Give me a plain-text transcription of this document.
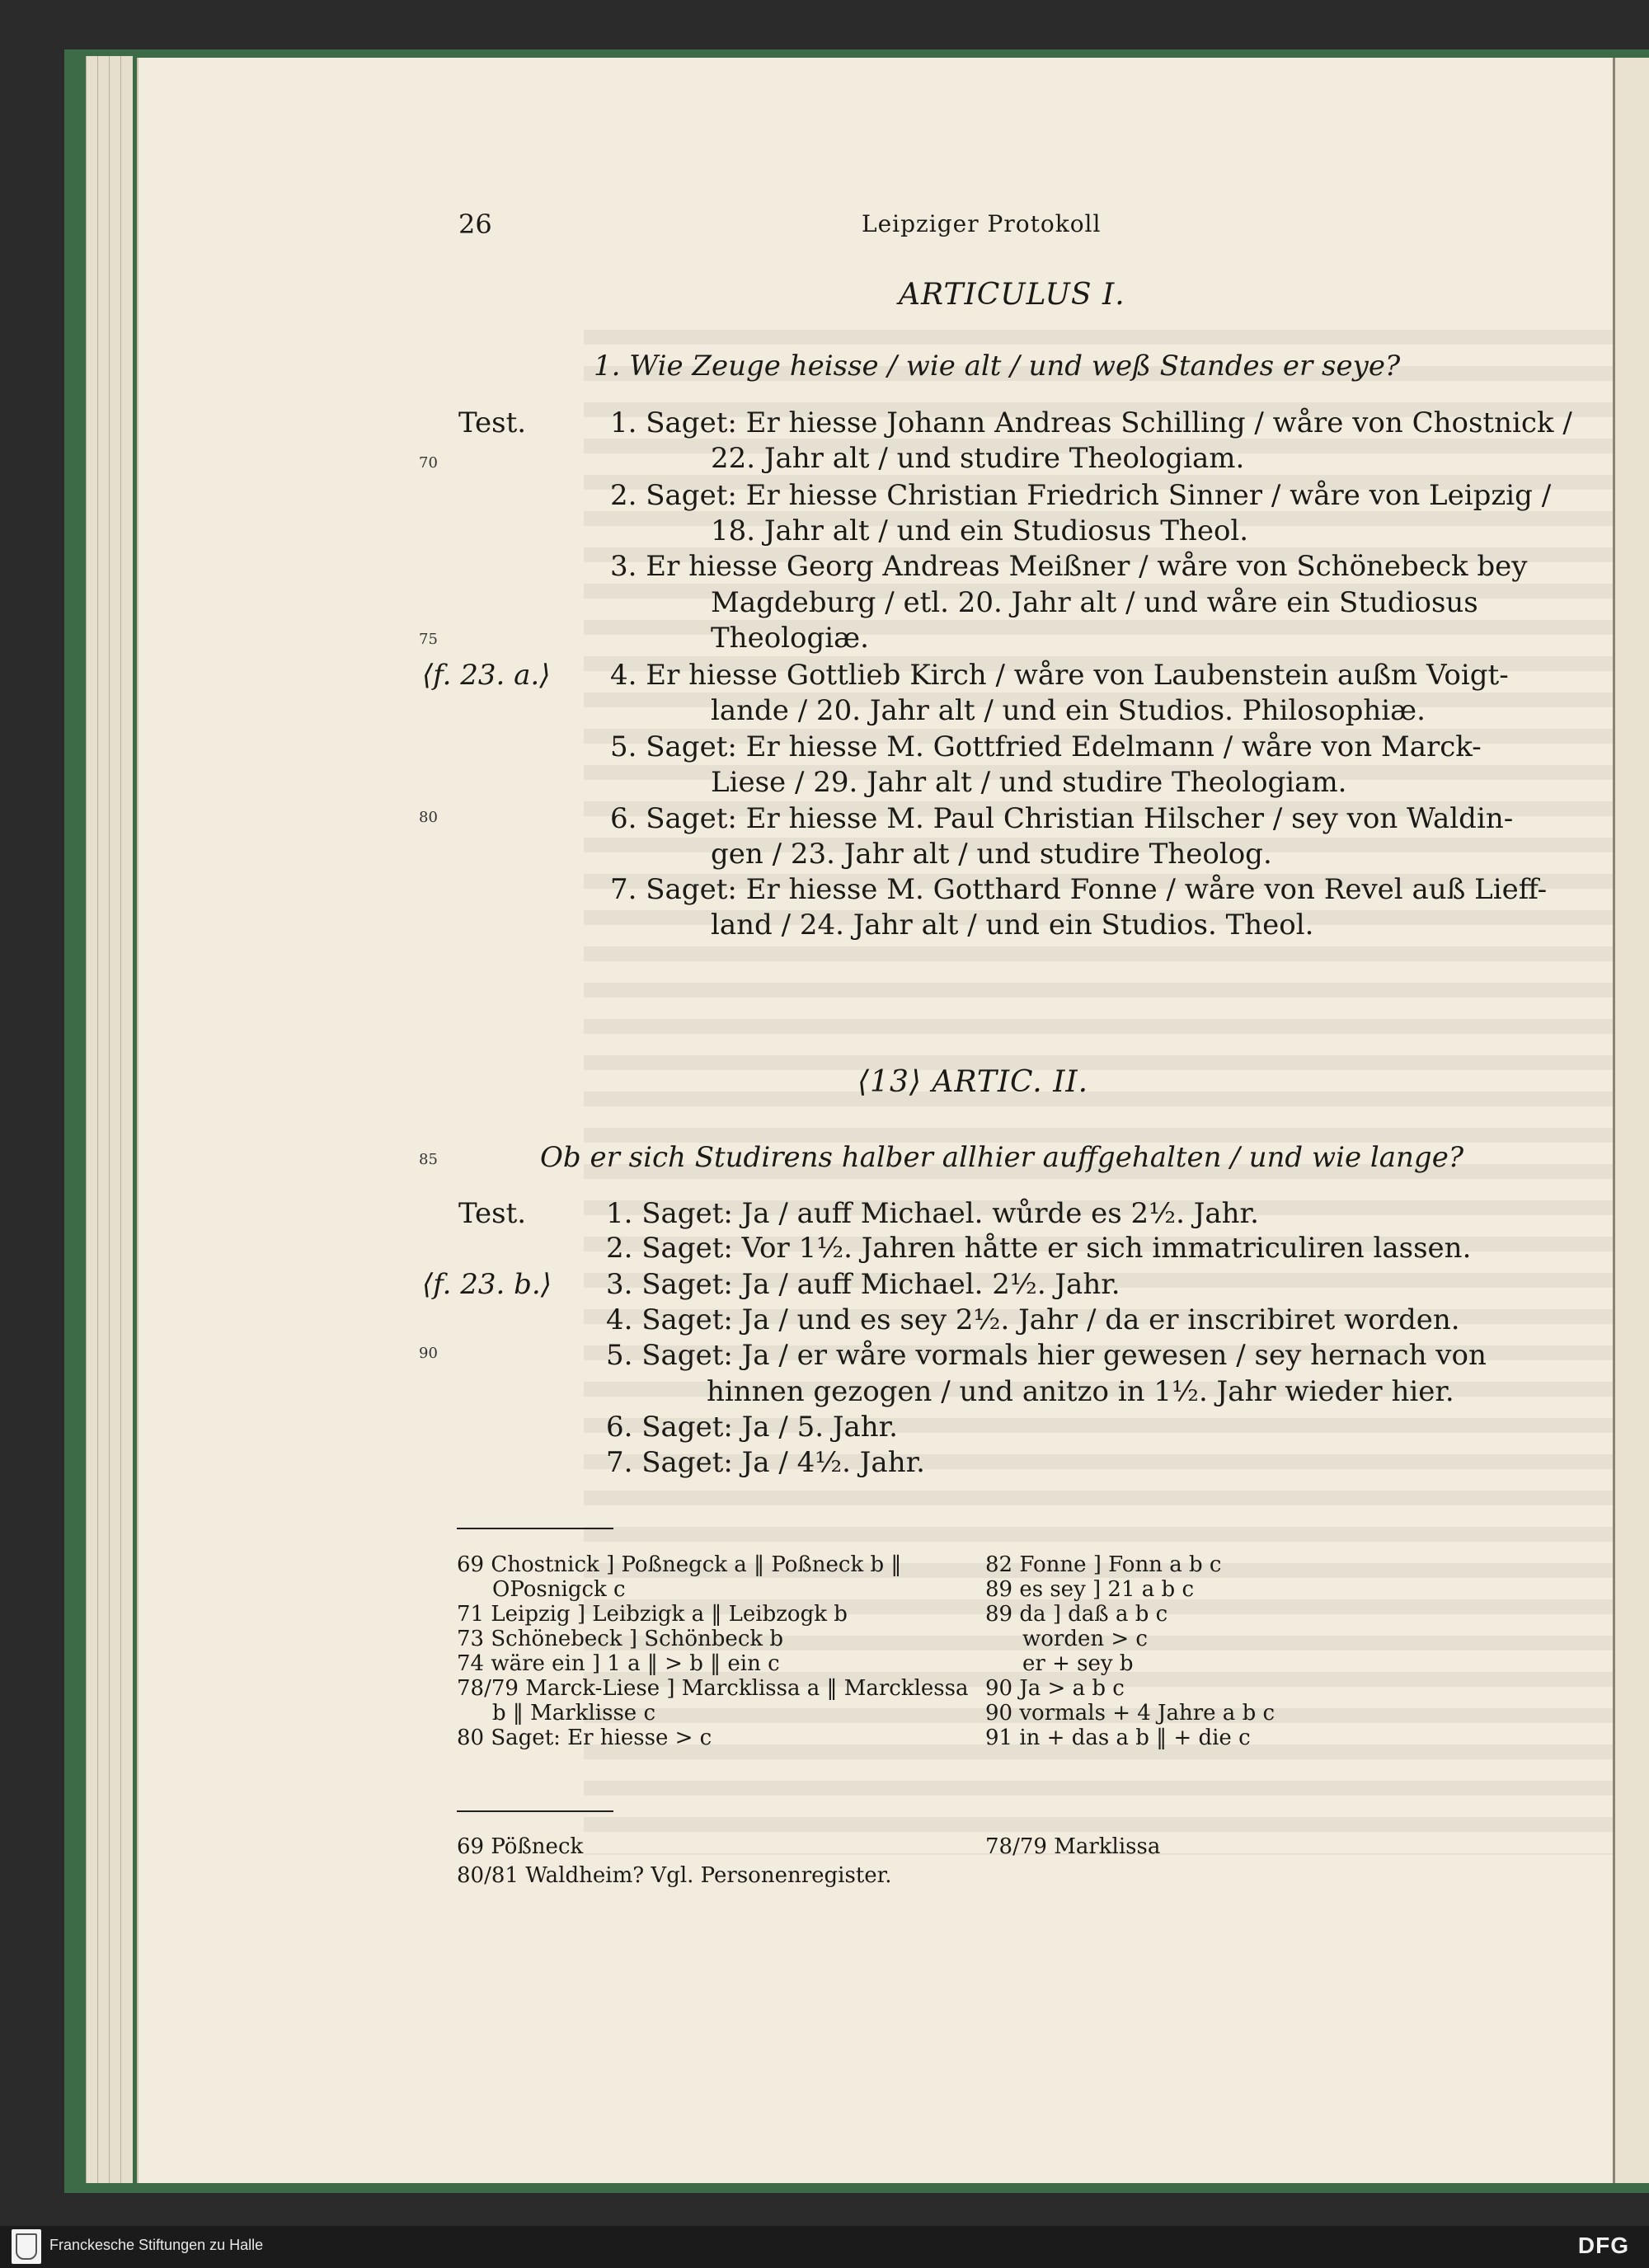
26	Leipziger Protokoll
ARTICULUS I.
1. Wie Zeuge heisse / wie alt / und weß Standes er seye?
Test.
⟨f. 23. a.⟩
70
75
80
1. Saget: Er hiesse Johann Andreas Schilling / wåre von Chostnick /
22. Jahr alt / und studire Theologiam.
2. Saget: Er hiesse Christian Friedrich Sinner / wåre von Leipzig /
18. Jahr alt / und ein Studiosus Theol.
3. Er hiesse Georg Andreas Meißner / wåre von Schönebeck bey
Magdeburg / etl. 20. Jahr alt / und wåre ein Studiosus
Theologiæ.
4. Er hiesse Gottlieb Kirch / wåre von Laubenstein außm Voigt-
lande / 20. Jahr alt / und ein Studios. Philosophiæ.
5. Saget: Er hiesse M. Gottfried Edelmann / wåre von Marck-
Liese / 29. Jahr alt / und studire Theologiam.
6. Saget: Er hiesse M. Paul Christian Hilscher / sey von Waldin-
gen / 23. Jahr alt / und studire Theolog.
7. Saget: Er hiesse M. Gotthard Fonne / wåre von Revel auß Lieff-
land / 24. Jahr alt / und ein Studios. Theol.
⟨13⟩ ARTIC. II.
Ob er sich Studirens halber allhier auffgehalten / und wie lange?
85
90
Test.
⟨f. 23. b.⟩
1. Saget: Ja / auff Michael. wůrde es 2½. Jahr.
2. Saget: Vor 1½. Jahren håtte er sich immatriculiren lassen.
3. Saget: Ja / auff Michael. 2½. Jahr.
4. Saget: Ja / und es sey 2½. Jahr / da er inscribiret worden.
5. Saget: Ja / er wåre vormals hier gewesen / sey hernach von
hinnen gezogen / und anitzo in 1½. Jahr wieder hier.
6. Saget: Ja / 5. Jahr.
7. Saget: Ja / 4½. Jahr.
69 Chostnick ] Poßnegck a ‖ Poßneck b ‖
OPosnigck c
71 Leipzig ] Leibzigk a ‖ Leibzogk b
73 Schönebeck ] Schönbeck b
74 wäre ein ] 1 a ‖ > b ‖ ein c
78/79 Marck-Liese ] Marcklissa a ‖ Marcklessa
b ‖ Marklisse c
80 Saget: Er hiesse > c
82 Fonne ] Fonn a b c
89 es sey ] 21 a b c
89 da ] daß a b c
worden > c
er + sey b
90 Ja > a b c
90 vormals + 4 Jahre a b c
91 in + das a b ‖ + die c
69 Pößneck
80/81 Waldheim? Vgl. Personenregister.
78/79 Marklissa
Franckesche Stiftungen zu Halle	DFG
